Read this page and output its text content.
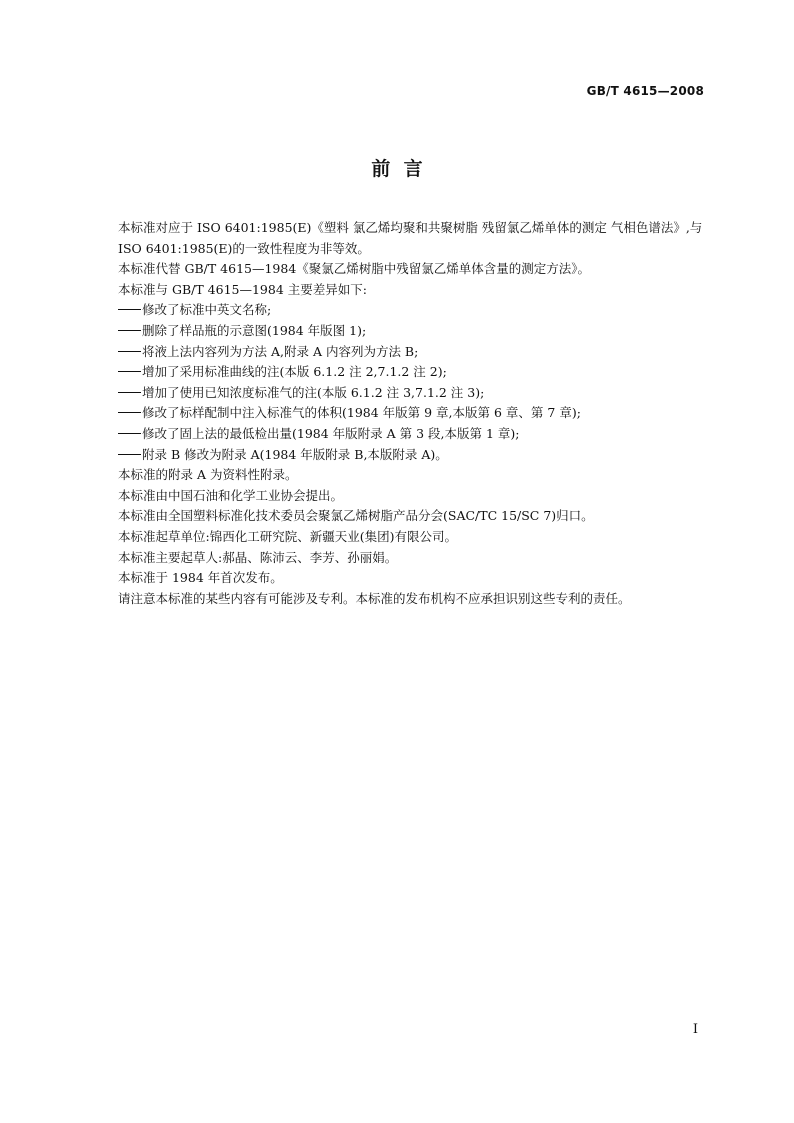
GB/T 4615—2008
前  言

本标准对应于 ISO 6401:1985(E)《塑料 氯乙烯均聚和共聚树脂 残留氯乙烯单体的测定 气相色谱法》,与 ISO 6401:1985(E)的一致性程度为非等效。

本标准代替 GB/T 4615—1984《聚氯乙烯树脂中残留氯乙烯单体含量的测定方法》。

本标准与 GB/T 4615—1984 主要差异如下:

修改了标准中英文名称;

删除了样品瓶的示意图(1984 年版图 1);

将液上法内容列为方法 A,附录 A 内容列为方法 B;

增加了采用标准曲线的注(本版 6.1.2 注 2,7.1.2 注 2);

增加了使用已知浓度标准气的注(本版 6.1.2 注 3,7.1.2 注 3);

修改了标样配制中注入标准气的体积(1984 年版第 9 章,本版第 6 章、第 7 章);

修改了固上法的最低检出量(1984 年版附录 A 第 3 段,本版第 1 章);

附录 B 修改为附录 A(1984 年版附录 B,本版附录 A)。

本标准的附录 A 为资料性附录。

本标准由中国石油和化学工业协会提出。

本标准由全国塑料标准化技术委员会聚氯乙烯树脂产品分会(SAC/TC 15/SC 7)归口。

本标准起草单位:锦西化工研究院、新疆天业(集团)有限公司。

本标准主要起草人:郝晶、陈沛云、李芳、孙丽娟。

本标准于 1984 年首次发布。

请注意本标准的某些内容有可能涉及专利。本标准的发布机构不应承担识别这些专利的责任。

I
